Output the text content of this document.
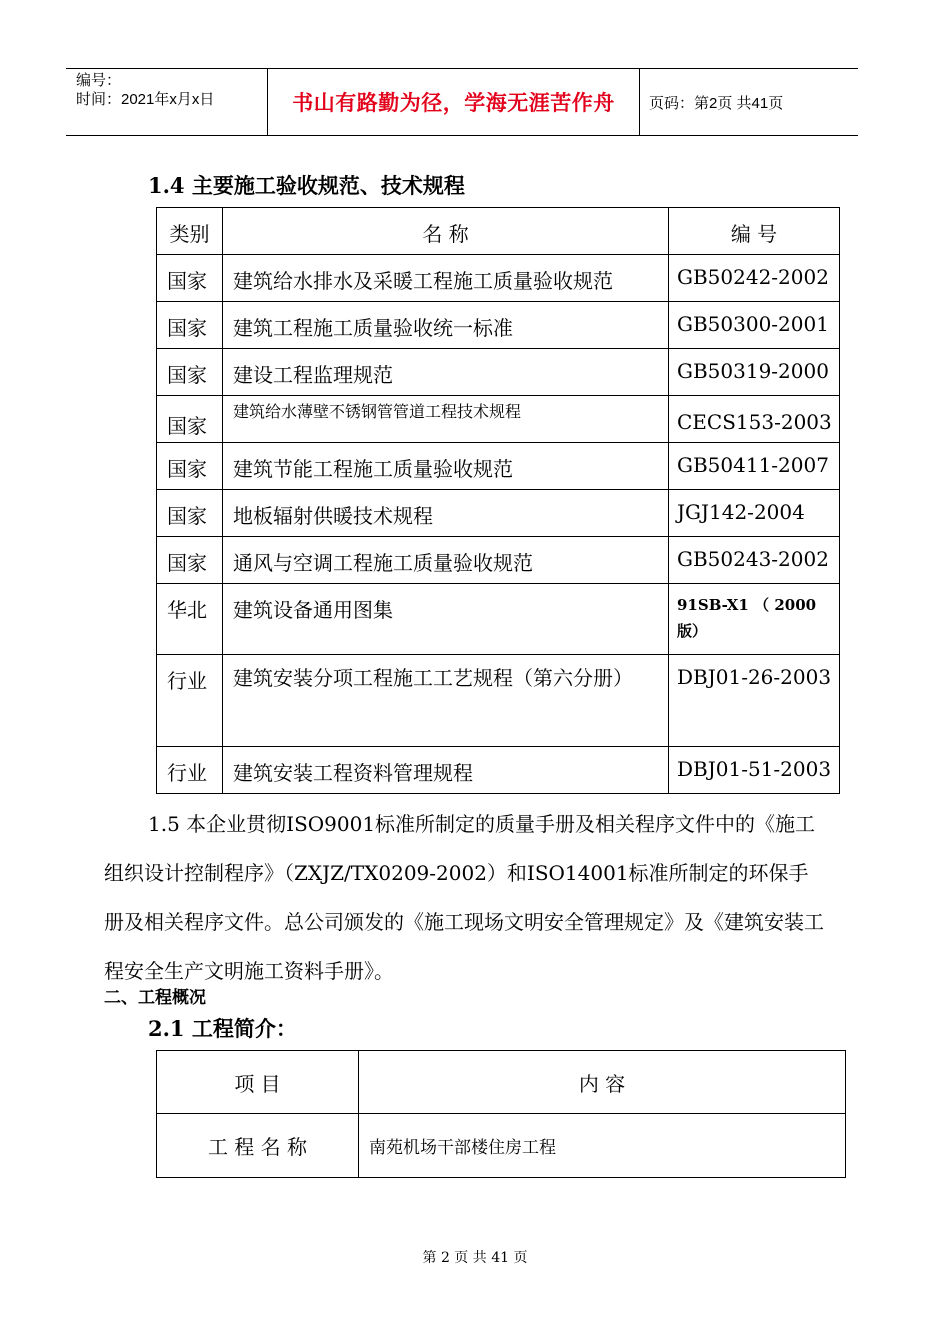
编号：
时间：2021年x月x日	书山有路勤为径，学海无涯苦作舟	页码：第2页 共41页
1.4 主要施工验收规范、技术规程
类别	名 称	编 号
国家	建筑给水排水及采暖工程施工质量验收规范	GB50242-2002
国家	建筑工程施工质量验收统一标准	GB50300-2001
国家	建设工程监理规范	GB50319-2000
国家	建筑给水薄壁不锈钢管管道工程技术规程	CECS153-2003
国家	建筑节能工程施工质量验收规范	GB50411-2007
国家	地板辐射供暖技术规程	JGJ142-2004
国家	通风与空调工程施工质量验收规范	GB50243-2002
华北	建筑设备通用图集	91SB-X1 （ 2000版）
行业	建筑安装分项工程施工工艺规程（第六分册）	DBJ01-26-2003
行业	建筑安装工程资料管理规程	DBJ01-51-2003
1.5 本企业贯彻ISO9001标准所制定的质量手册及相关程序文件中的《施工组织设计控制程序》（ZXJZ/TX0209-2002）和ISO14001标准所制定的环保手册及相关程序文件。总公司颁发的《施工现场文明安全管理规定》及《建筑安装工程安全生产文明施工资料手册》。
二、工程概况
2.1 工程简介：
项 目	内 容
工 程 名 称	南苑机场干部楼住房工程
第 2 页 共 41 页
